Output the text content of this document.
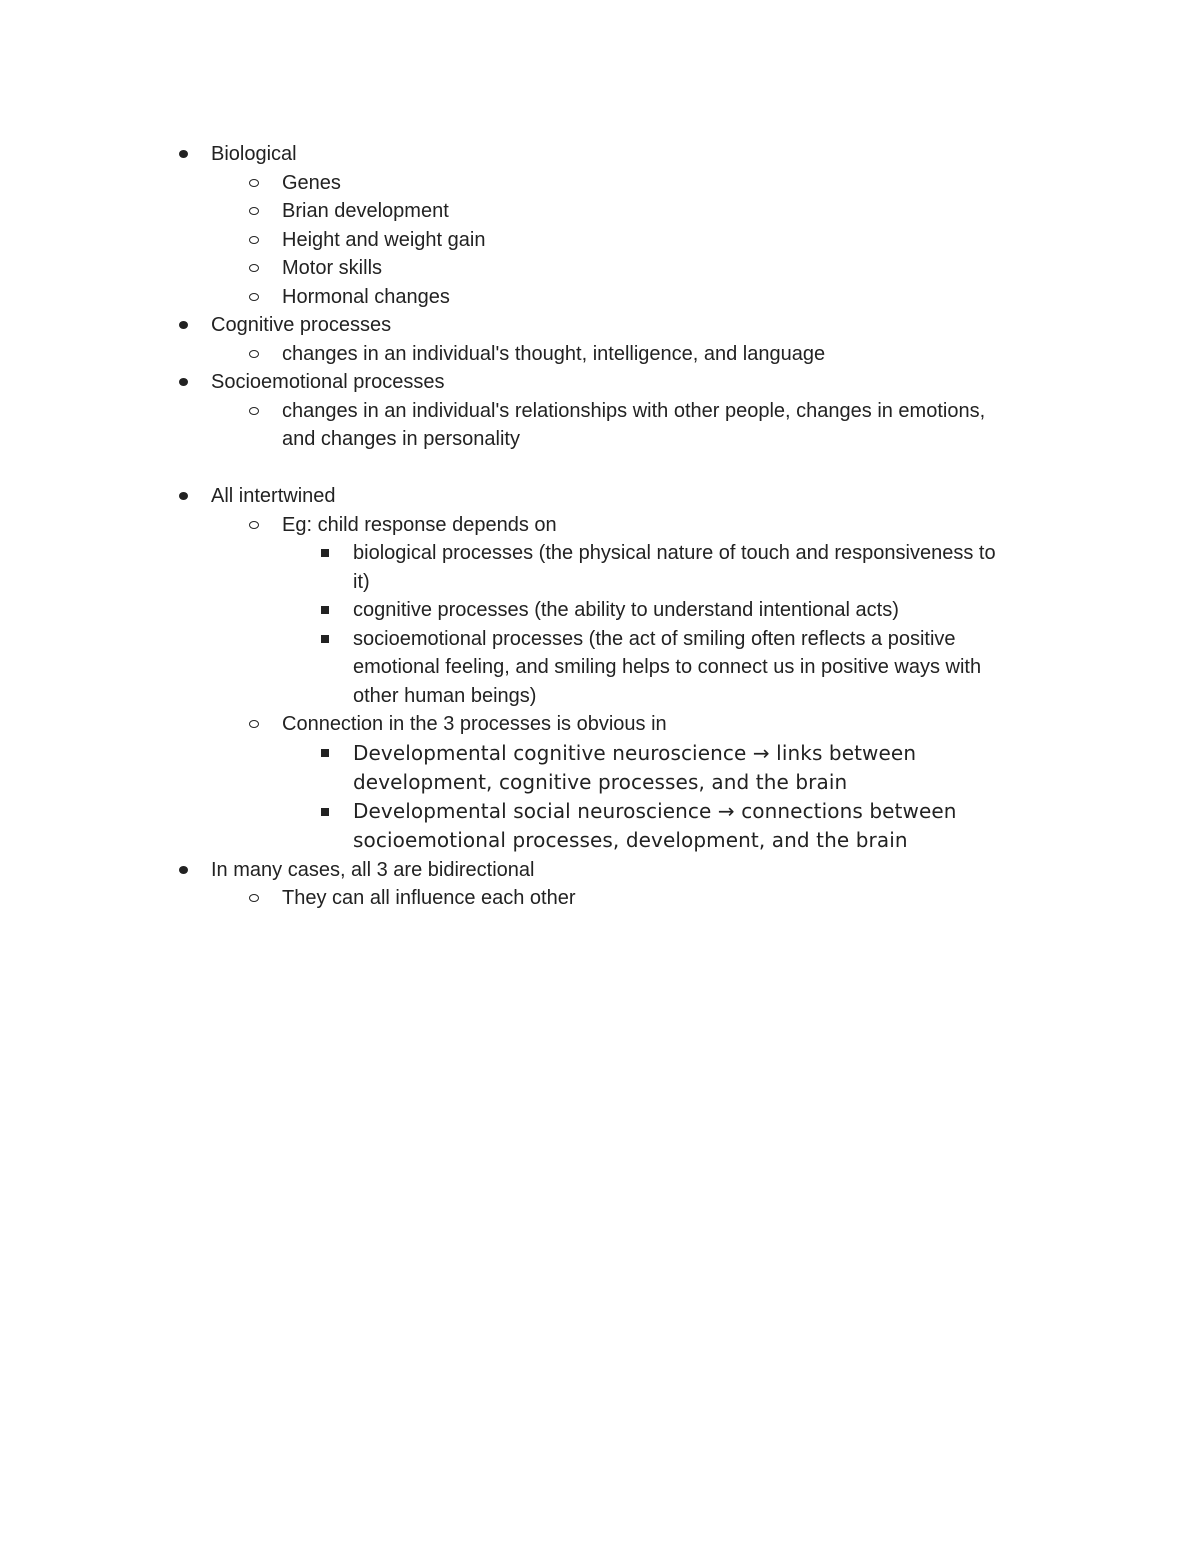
Biological
Genes
Brian development
Height and weight gain
Motor skills
Hormonal changes
Cognitive processes
changes in an individual's thought, intelligence, and language
Socioemotional processes
changes in an individual's relationships with other people, changes in emotions,
and changes in personality
All intertwined
Eg: child response depends on
biological processes (the physical nature of touch and responsiveness to
it)
cognitive processes (the ability to understand intentional acts)
socioemotional processes (the act of smiling often reflects a positive
emotional feeling, and smiling helps to connect us in positive ways with
other human beings)
Connection in the 3 processes is obvious in
Developmental cognitive neuroscience → links between
development, cognitive processes, and the brain
Developmental social neuroscience → connections between
socioemotional processes, development, and the brain
In many cases, all 3 are bidirectional
They can all influence each other
